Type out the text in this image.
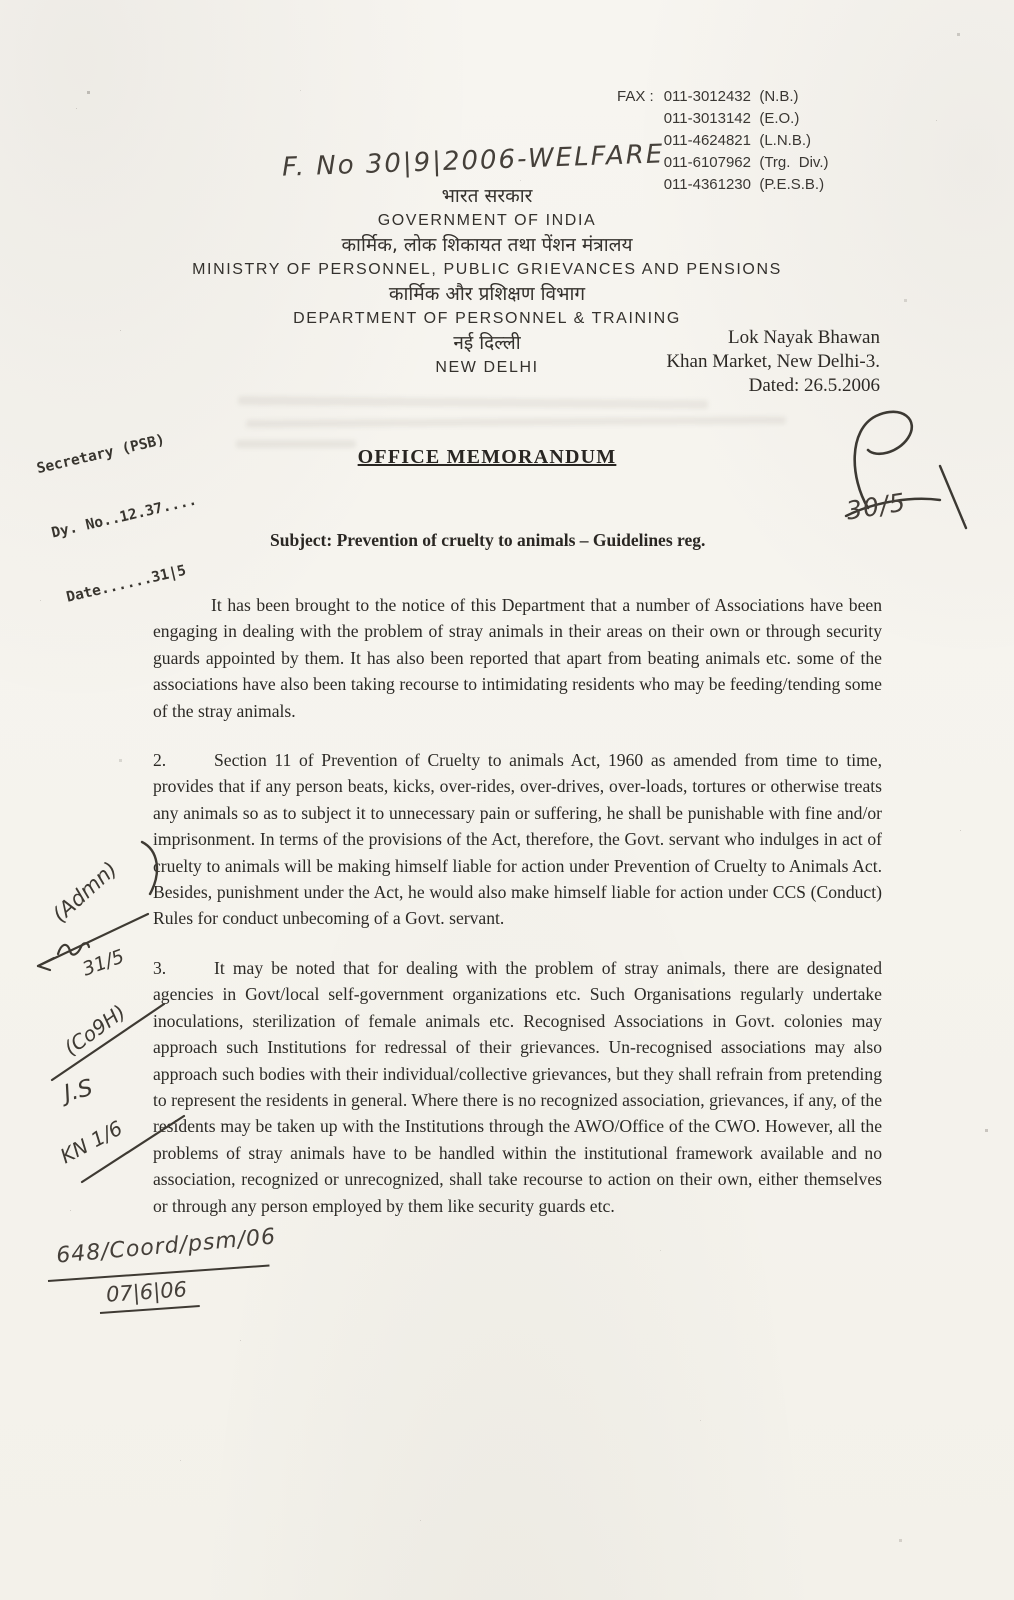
FAX : 011-3012432  (N.B.)
011-3013142  (E.O.)
011-4624821  (L.N.B.)
011-6107962  (Trg.  Div.)
011-4361230  (P.E.S.B.)
F. No 30|9|2006-WELFARE
भारत सरकार
GOVERNMENT OF INDIA
कार्मिक, लोक शिकायत तथा पेंशन मंत्रालय
MINISTRY OF PERSONNEL, PUBLIC GRIEVANCES AND PENSIONS
कार्मिक और प्रशिक्षण विभाग
DEPARTMENT OF PERSONNEL & TRAINING
नई दिल्ली
NEW DELHI
Lok Nayak Bhawan
Khan Market, New Delhi-3.
Dated: 26.5.2006

Secretary (PSB)

Dy. No..12.37....

Date......31|5

OFFICE MEMORANDUM
30/5
Subject: Prevention of cruelty to animals – Guidelines reg.

It has been brought to the notice of this Department that a number of Associations have been engaging in dealing with the problem of stray animals in their areas on their own or through security guards appointed by them. It has also been reported that apart from beating animals etc. some of the associations have also been taking recourse to intimidating residents who may be feeding/tending some of the stray animals.

2.	Section 11 of Prevention of Cruelty to animals Act, 1960 as amended from time to time, provides that if any person beats, kicks, over-rides, over-drives, over-loads, tortures or otherwise treats any animals so as to subject it to unnecessary pain or suffering, he shall be punishable with fine and/or imprisonment. In terms of the provisions of the Act, therefore, the Govt. servant who indulges in act of cruelty to animals will be making himself liable for action under Prevention of Cruelty to Animals Act. Besides, punishment under the Act, he would also make himself liable for action under CCS (Conduct) Rules for conduct unbecoming of a Govt. servant.

3.	It may be noted that for dealing with the problem of stray animals, there are designated agencies in Govt/local self-government organizations etc. Such Organisations regularly undertake inoculations, sterilization of female animals etc. Recognised Associations in Govt. colonies may approach such Institutions for redressal of their grievances. Un-recognised associations may also approach such bodies with their individual/collective grievances, but they shall refrain from pretending to represent the residents in general. Where there is no recognized association, grievances, if any, of the residents may be taken up with the Institutions through the AWO/Office of the CWO. However, all the problems of stray animals have to be handled within the institutional framework available and no association, recognized or unrecognized, shall take recourse to action on their own, either themselves or through any person employed by them like security guards etc.

(Admn)
31/5
(Co9H)
J.S
KN 1/6
648/Coord/psm/06
07|6|06
